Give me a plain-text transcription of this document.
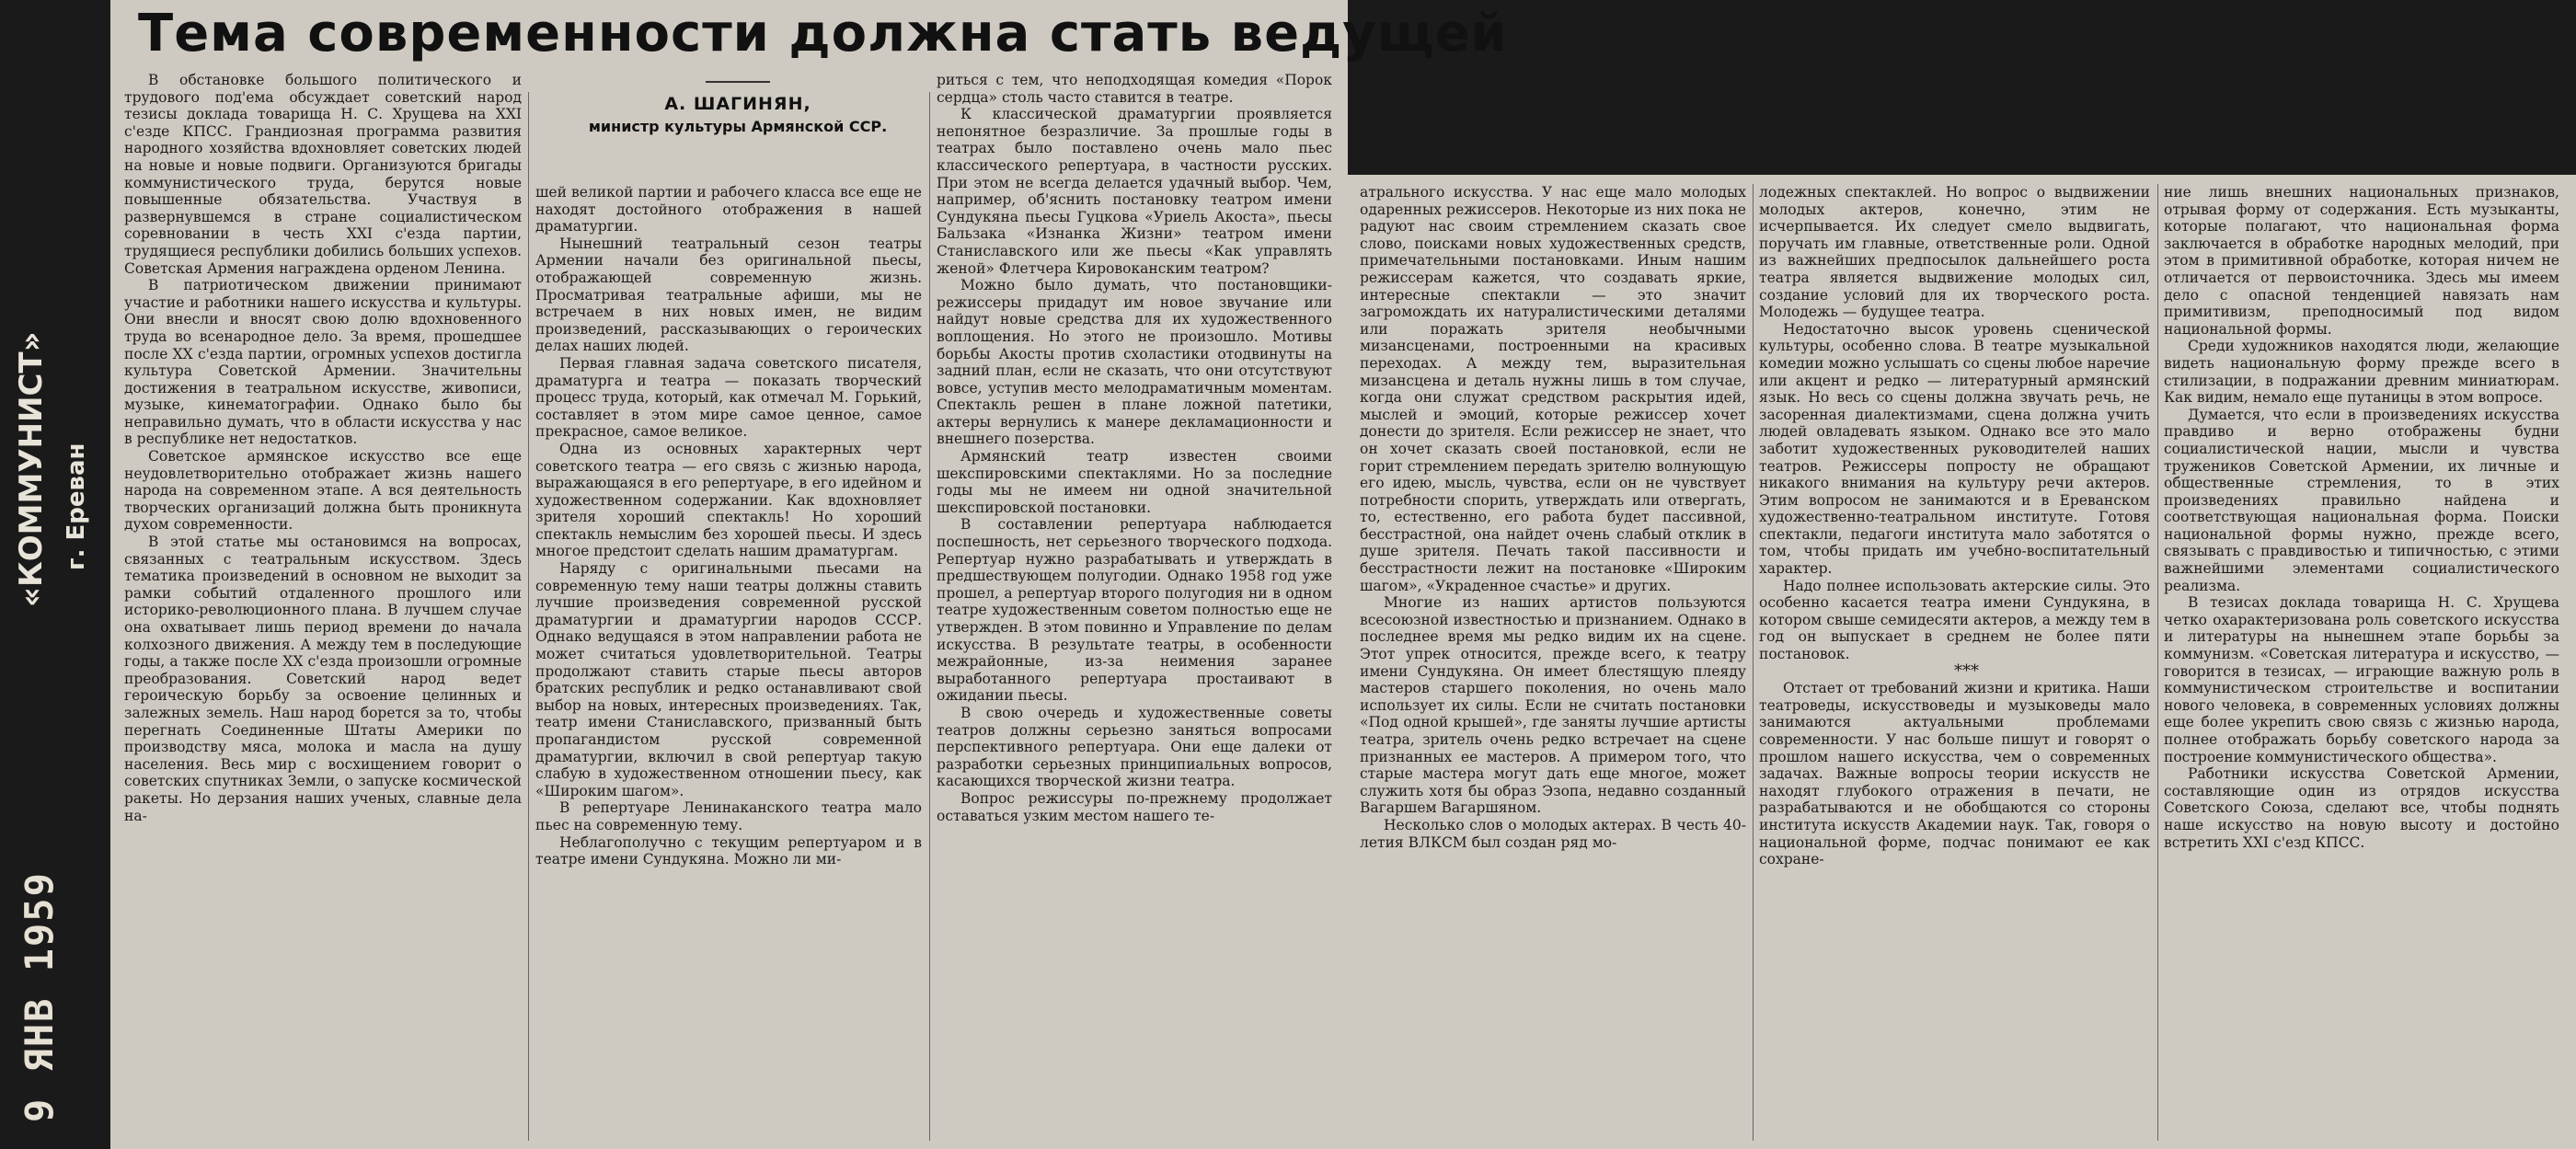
Тема современности должна стать ведущей
А. ШАГИНЯН,
министр культуры Армянской ССР.
«КОММУНИСТ» г. Ереван
9 ЯНВ 1959

В обстановке большого политического и трудового под'ема обсуждает советский народ тезисы доклада товарища Н. С. Хрущева на XXI с'езде КПСС. Грандиозная программа развития народного хозяйства вдохновляет советских людей на новые и новые подвиги. Организуются бригады коммунистического труда, берутся новые повышенные обязательства. Участвуя в развернувшемся в стране социалистическом соревновании в честь XXI с'езда партии, трудящиеся республики добились больших успехов. Советская Армения награждена орденом Ленина.

В патриотическом движении принимают участие и работники нашего искусства и культуры. Они внесли и вносят свою долю вдохновенного труда во всенародное дело. За время, прошедшее после XX с'езда партии, огромных успехов достигла культура Советской Армении. Значительны достижения в театральном искусстве, живописи, музыке, кинематографии. Однако было бы неправильно думать, что в области искусства у нас в республике нет недостатков.

Советское армянское искусство все еще неудовлетворительно отображает жизнь нашего народа на современном этапе. А вся деятельность творческих организаций должна быть проникнута духом современности.

В этой статье мы остановимся на вопросах, связанных с театральным искусством. Здесь тематика произведений в основном не выходит за рамки событий отдаленного прошлого или историко-революционного плана. В лучшем случае она охватывает лишь период времени до начала колхозного движения. А между тем в последующие годы, а также после XX с'езда произошли огромные преобразования. Советский народ ведет героическую борьбу за освоение целинных и залежных земель. Наш народ борется за то, чтобы перегнать Соединенные Штаты Америки по производству мяса, молока и масла на душу населения. Весь мир с восхищением говорит о советских спутниках Земли, о запуске космической ракеты. Но дерзания наших ученых, славные дела на-

шей великой партии и рабочего класса все еще не находят достойного отображения в нашей драматургии.

Нынешний театральный сезон театры Армении начали без оригинальной пьесы, отображающей современную жизнь. Просматривая театральные афиши, мы не встречаем в них новых имен, не видим произведений, рассказывающих о героических делах наших людей.

Первая главная задача советского писателя, драматурга и театра — показать творческий процесс труда, который, как отмечал М. Горький, составляет в этом мире самое ценное, самое прекрасное, самое великое.

Одна из основных характерных черт советского театра — его связь с жизнью народа, выражающаяся в его репертуаре, в его идейном и художественном содержании. Как вдохновляет зрителя хороший спектакль! Но хороший спектакль немыслим без хорошей пьесы. И здесь многое предстоит сделать нашим драматургам.

Наряду с оригинальными пьесами на современную тему наши театры должны ставить лучшие произведения современной русской драматургии и драматургии народов СССР. Однако ведущаяся в этом направлении работа не может считаться удовлетворительной. Театры продолжают ставить старые пьесы авторов братских республик и редко останавливают свой выбор на новых, интересных произведениях. Так, театр имени Станиславского, призванный быть пропагандистом русской современной драматургии, включил в свой репертуар такую слабую в художественном отношении пьесу, как «Широким шагом».

В репертуаре Ленинаканского театра мало пьес на современную тему.

Неблагополучно с текущим репертуаром и в театре имени Сундукяна. Можно ли ми-

риться с тем, что неподходящая комедия «Порок сердца» столь часто ставится в театре.

К классической драматургии проявляется непонятное безразличие. За прошлые годы в театрах было поставлено очень мало пьес классического репертуара, в частности русских. При этом не всегда делается удачный выбор. Чем, например, об'яснить постановку театром имени Сундукяна пьесы Гуцкова «Уриель Акоста», пьесы Бальзака «Изнанка Жизни» театром имени Станиславского или же пьесы «Как управлять женой» Флетчера Кировоканским театром?

Можно было думать, что постановщики-режиссеры придадут им новое звучание или найдут новые средства для их художественного воплощения. Но этого не произошло. Мотивы борьбы Акосты против схоластики отодвинуты на задний план, если не сказать, что они отсутствуют вовсе, уступив место мелодраматичным моментам. Спектакль решен в плане ложной патетики, актеры вернулись к манере декламационности и внешнего позерства.

Армянский театр известен своими шекспировскими спектаклями. Но за последние годы мы не имеем ни одной значительной шекспировской постановки.

В составлении репертуара наблюдается поспешность, нет серьезного творческого подхода. Репертуар нужно разрабатывать и утверждать в предшествующем полугодии. Однако 1958 год уже прошел, а репертуар второго полугодия ни в одном театре художественным советом полностью еще не утвержден. В этом повинно и Управление по делам искусства. В результате театры, в особенности межрайонные, из-за неимения заранее выработанного репертуара простаивают в ожидании пьесы.

В свою очередь и художественные советы театров должны серьезно заняться вопросами перспективного репертуара. Они еще далеки от разработки серьезных принципиальных вопросов, касающихся творческой жизни театра.

Вопрос режиссуры по-прежнему продолжает оставаться узким местом нашего те-

атрального искусства. У нас еще мало молодых одаренных режиссеров. Некоторые из них пока не радуют нас своим стремлением сказать свое слово, поисками новых художественных средств, примечательными постановками. Иным нашим режиссерам кажется, что создавать яркие, интересные спектакли — это значит загромождать их натуралистическими деталями или поражать зрителя необычными мизансценами, построенными на красивых переходах. А между тем, выразительная мизансцена и деталь нужны лишь в том случае, когда они служат средством раскрытия идей, мыслей и эмоций, которые режиссер хочет донести до зрителя. Если режиссер не знает, что он хочет сказать своей постановкой, если не горит стремлением передать зрителю волнующую его идею, мысль, чувства, если он не чувствует потребности спорить, утверждать или отвергать, то, естественно, его работа будет пассивной, бесстрастной, она найдет очень слабый отклик в душе зрителя. Печать такой пассивности и бесстрастности лежит на постановке «Широким шагом», «Украденное счастье» и других.

Многие из наших артистов пользуются всесоюзной известностью и признанием. Однако в последнее время мы редко видим их на сцене. Этот упрек относится, прежде всего, к театру имени Сундукяна. Он имеет блестящую плеяду мастеров старшего поколения, но очень мало использует их силы. Если не считать постановки «Под одной крышей», где заняты лучшие артисты театра, зритель очень редко встречает на сцене признанных ее мастеров. А примером того, что старые мастера могут дать еще многое, может служить хотя бы образ Эзопа, недавно созданный Вагаршем Вагаршяном.

Несколько слов о молодых актерах. В честь 40-летия ВЛКСМ был создан ряд мо-

лодежных спектаклей. Но вопрос о выдвижении молодых актеров, конечно, этим не исчерпывается. Их следует смело выдвигать, поручать им главные, ответственные роли. Одной из важнейших предпосылок дальнейшего роста театра является выдвижение молодых сил, создание условий для их творческого роста. Молодежь — будущее театра.

Недостаточно высок уровень сценической культуры, особенно слова. В театре музыкальной комедии можно услышать со сцены любое наречие или акцент и редко — литературный армянский язык. Но весь со сцены должна звучать речь, не засоренная диалектизмами, сцена должна учить людей овладевать языком. Однако все это мало заботит художественных руководителей наших театров. Режиссеры попросту не обращают никакого внимания на культуру речи актеров. Этим вопросом не занимаются и в Ереванском художественно-театральном институте. Готовя спектакли, педагоги института мало заботятся о том, чтобы придать им учебно-воспитательный характер.

Надо полнее использовать актерские силы. Это особенно касается театра имени Сундукяна, в котором свыше семидесяти актеров, а между тем в год он выпускает в среднем не более пяти постановок.

***

Отстает от требований жизни и критика. Наши театроведы, искусствоведы и музыковеды мало занимаются актуальными проблемами современности. У нас больше пишут и говорят о прошлом нашего искусства, чем о современных задачах. Важные вопросы теории искусств не находят глубокого отражения в печати, не разрабатываются и не обобщаются со стороны института искусств Академии наук. Так, говоря о национальной форме, подчас понимают ее как сохране-

ние лишь внешних национальных признаков, отрывая форму от содержания. Есть музыканты, которые полагают, что национальная форма заключается в обработке народных мелодий, при этом в примитивной обработке, которая ничем не отличается от первоисточника. Здесь мы имеем дело с опасной тенденцией навязать нам примитивизм, преподносимый под видом национальной формы.

Среди художников находятся люди, желающие видеть национальную форму прежде всего в стилизации, в подражании древним миниатюрам. Как видим, немало еще путаницы в этом вопросе.

Думается, что если в произведениях искусства правдиво и верно отображены будни социалистической нации, мысли и чувства тружеников Советской Армении, их личные и общественные стремления, то в этих произведениях правильно найдена и соответствующая национальная форма. Поиски национальной формы нужно, прежде всего, связывать с правдивостью и типичностью, с этими важнейшими элементами социалистического реализма.

В тезисах доклада товарища Н. С. Хрущева четко охарактеризована роль советского искусства и литературы на нынешнем этапе борьбы за коммунизм. «Советская литература и искусство, — говорится в тезисах, — играющие важную роль в коммунистическом строительстве и воспитании нового человека, в современных условиях должны еще более укрепить свою связь с жизнью народа, полнее отображать борьбу советского народа за построение коммунистического общества».

Работники искусства Советской Армении, составляющие один из отрядов искусства Советского Союза, сделают все, чтобы поднять наше искусство на новую высоту и достойно встретить XXI с'езд КПСС.
